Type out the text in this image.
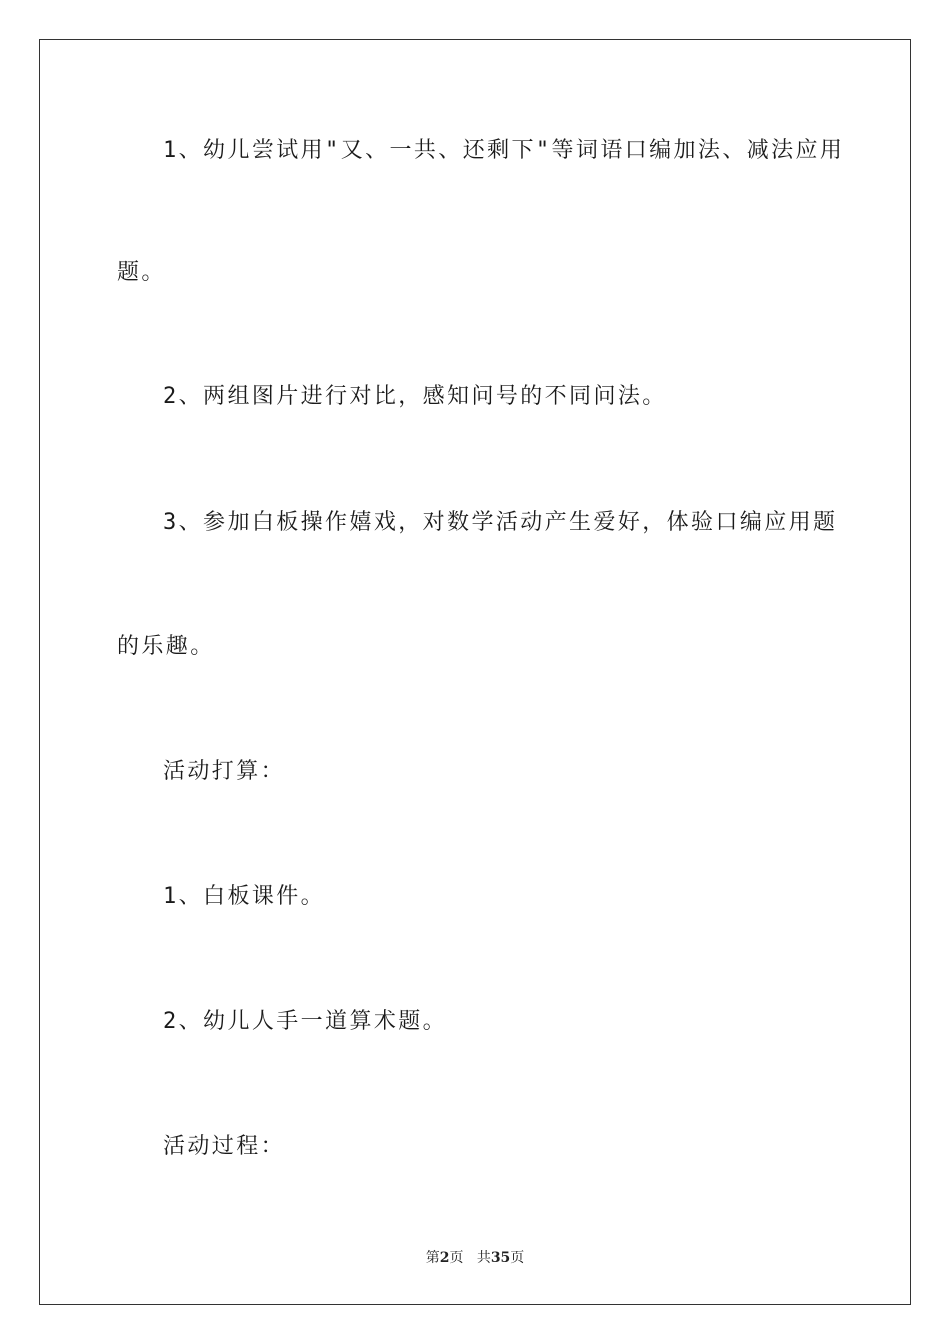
1、幼儿尝试用"又、一共、还剩下"等词语口编加法、减法应用
题。
2、两组图片进行对比，感知问号的不同问法。
3、参加白板操作嬉戏，对数学活动产生爱好，体验口编应用题
的乐趣。
活动打算：
1、白板课件。
2、幼儿人手一道算术题。
活动过程：
第2页 共35页
